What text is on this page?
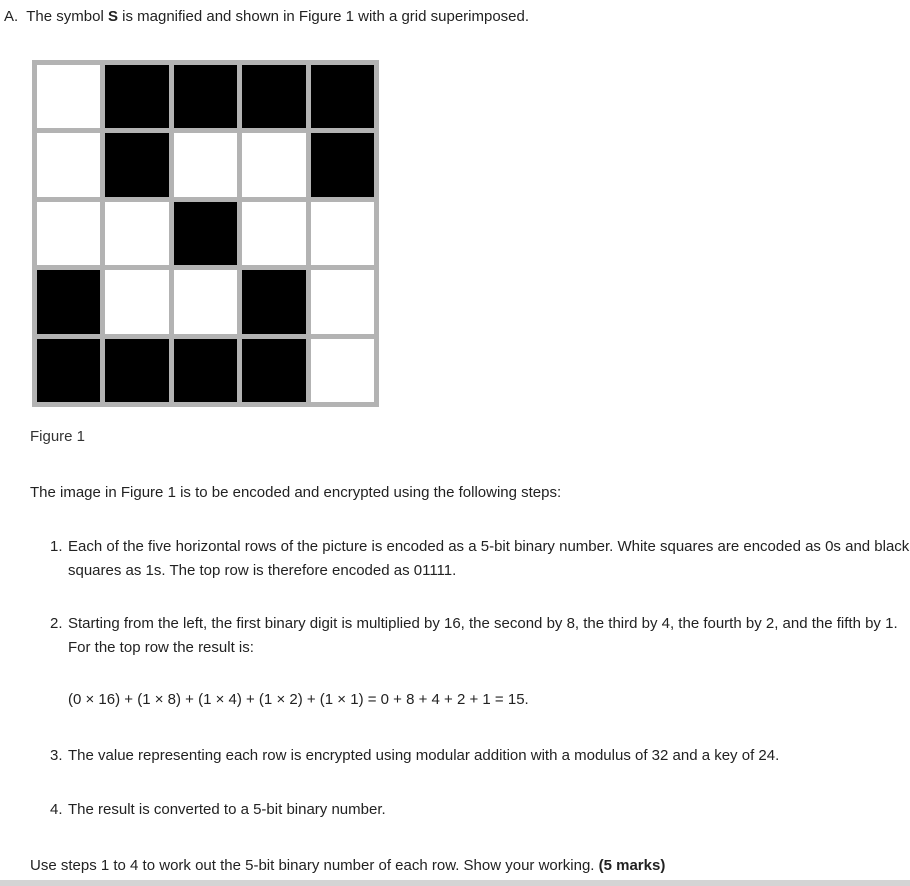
A. The symbol S is magnified and shown in Figure 1 with a grid superimposed.
Figure 1
The image in Figure 1 is to be encoded and encrypted using the following steps:
1. Each of the five horizontal rows of the picture is encoded as a 5-bit binary number. White squares are encoded as 0s and black squares as 1s. The top row is therefore encoded as 01111.
2. Starting from the left, the first binary digit is multiplied by 16, the second by 8, the third by 4, the fourth by 2, and the fifth by 1. For the top row the result is:
(0 × 16) + (1 × 8) + (1 × 4) + (1 × 2) + (1 × 1) = 0 + 8 + 4 + 2 + 1 = 15.
3. The value representing each row is encrypted using modular addition with a modulus of 32 and a key of 24.
4. The result is converted to a 5-bit binary number.
Use steps 1 to 4 to work out the 5-bit binary number of each row. Show your working. (5 marks)
